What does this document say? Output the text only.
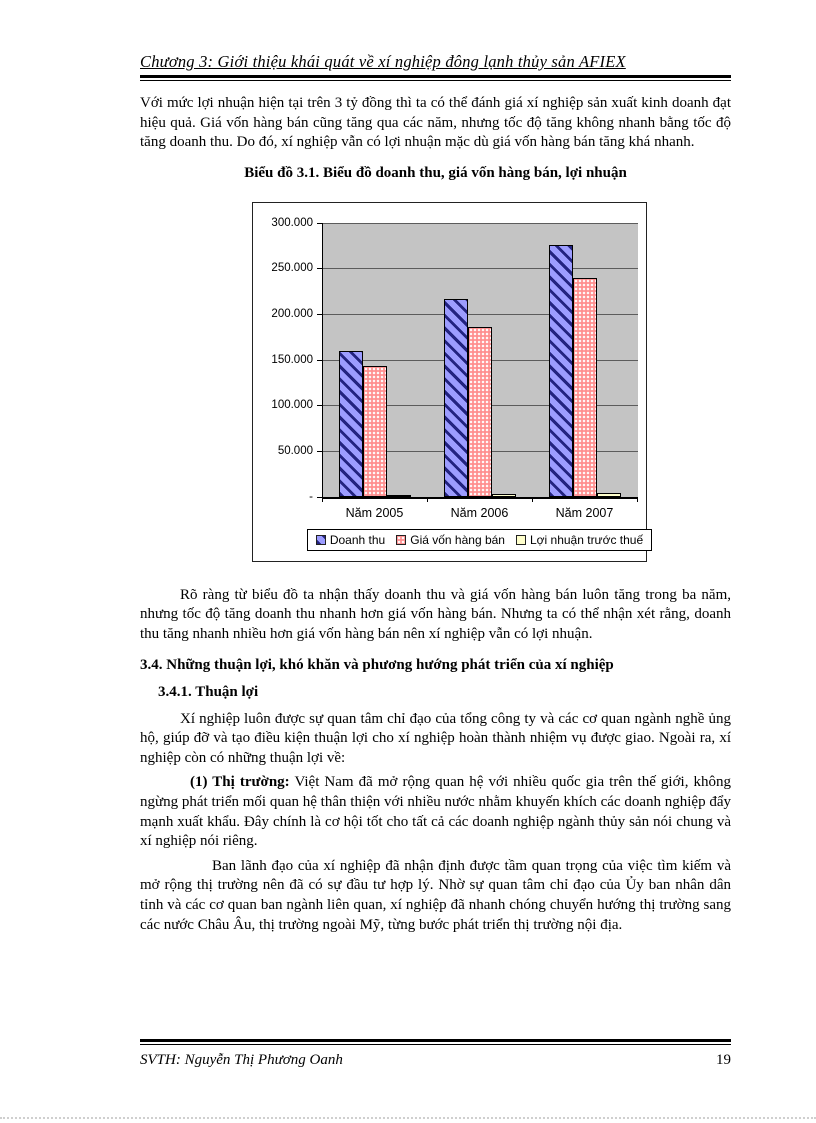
Chương 3: Giới thiệu khái quát về xí nghiệp đông lạnh thủy sản AFIEX

Với mức lợi nhuận hiện tại trên 3 tỷ đồng thì ta có thể đánh giá xí nghiệp sản xuất kinh doanh đạt hiệu quả. Giá vốn hàng bán cũng tăng qua các năm, nhưng tốc độ tăng không nhanh bằng tốc độ tăng doanh thu. Do đó, xí nghiệp vẫn có lợi nhuận mặc dù giá vốn hàng bán tăng khá nhanh.

Biểu đồ 3.1. Biểu đồ doanh thu, giá vốn hàng bán, lợi nhuận

Doanh thu Giá vốn hàng bán Lợi nhuận trước thuế
300.000
250.000
200.000
150.000
100.000
50.000
-
Năm 2005	Năm 2006	Năm 2007

Rõ ràng từ biểu đồ ta nhận thấy doanh thu và giá vốn hàng bán luôn tăng trong ba năm, nhưng tốc độ tăng doanh thu nhanh hơn giá vốn hàng bán. Nhưng ta có thể nhận xét rằng, doanh thu tăng nhanh nhiều hơn giá vốn hàng bán nên xí nghiệp vẫn có lợi nhuận.

3.4. Những thuận lợi, khó khăn và phương hướng phát triển của xí nghiệp

3.4.1. Thuận lợi

Xí nghiệp luôn được sự quan tâm chỉ đạo của tổng công ty và các cơ quan ngành nghề ủng hộ, giúp đỡ và tạo điều kiện thuận lợi cho xí nghiệp hoàn thành nhiệm vụ được giao. Ngoài ra, xí nghiệp còn có những thuận lợi về:

(1) Thị trường: Việt Nam đã mở rộng quan hệ với nhiều quốc gia trên thế giới, không ngừng phát triển mối quan hệ thân thiện với nhiều nước nhằm khuyến khích các doanh nghiệp đẩy mạnh xuất khẩu. Đây chính là cơ hội tốt cho tất cả các doanh nghiệp ngành thủy sản nói chung và xí nghiệp nói riêng.

Ban lãnh đạo của xí nghiệp đã nhận định được tầm quan trọng của việc tìm kiếm và mở rộng thị trường nên đã có sự đầu tư hợp lý. Nhờ sự quan tâm chỉ đạo của Ủy ban nhân dân tỉnh và các cơ quan ban ngành liên quan, xí nghiệp đã nhanh chóng chuyển hướng thị trường sang các nước Châu Âu, thị trường ngoài Mỹ, từng bước phát triển thị trường nội địa.

SVTH: Nguyễn Thị Phương Oanh	19
